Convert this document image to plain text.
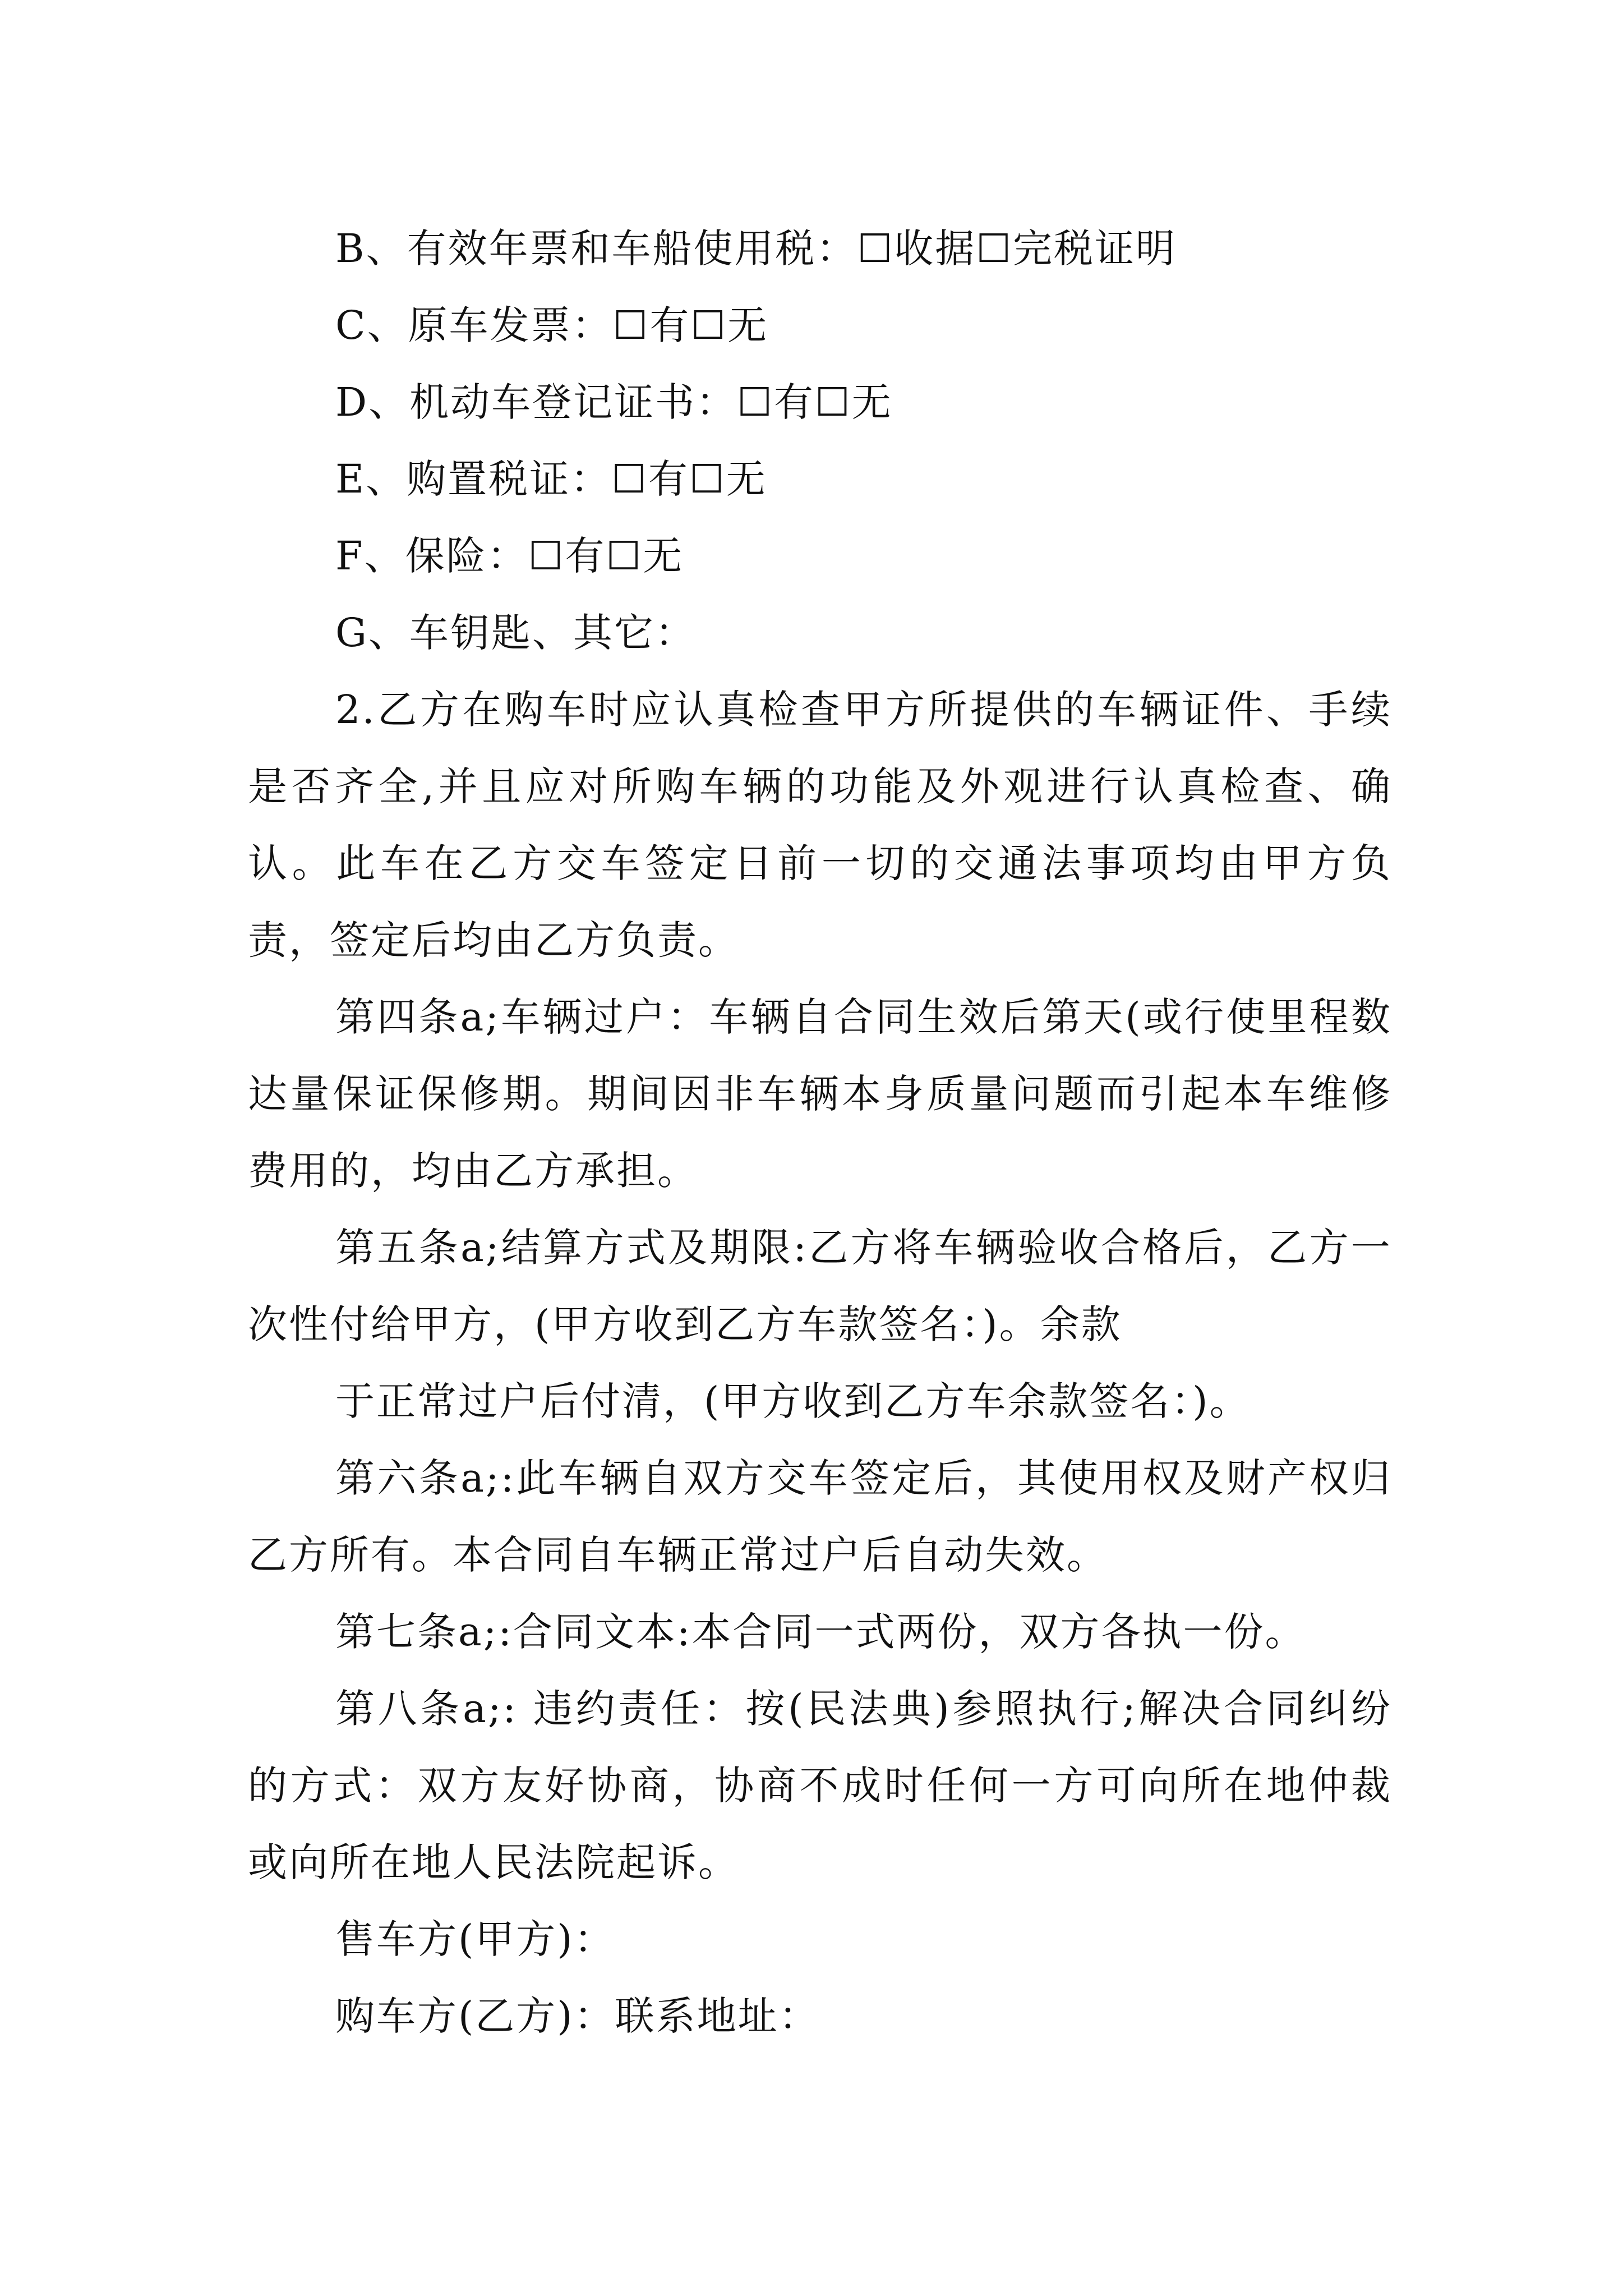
B、有效年票和车船使用税：☐收据☐完税证明

C、原车发票：☐有☐无

D、机动车登记证书：☐有☐无

E、购置税证：☐有☐无

F、保险：☐有☐无

G、车钥匙、其它：

2.乙方在购车时应认真检查甲方所提供的车辆证件、手续是否齐全,并且应对所购车辆的功能及外观进行认真检查、确认。此车在乙方交车签定日前一切的交通法事项均由甲方负责，签定后均由乙方负责。

第四条a;车辆过户：车辆自合同生效后第天(或行使里程数达量保证保修期。期间因非车辆本身质量问题而引起本车维修费用的，均由乙方承担。

第五条a;结算方式及期限:乙方将车辆验收合格后，乙方一次性付给甲方，(甲方收到乙方车款签名：)。余款

于正常过户后付清，(甲方收到乙方车余款签名：)。

第六条a;:此车辆自双方交车签定后，其使用权及财产权归乙方所有。本合同自车辆正常过户后自动失效。

第七条a;:合同文本:本合同一式两份，双方各执一份。

第八条a;: 违约责任：按(民法典)参照执行;解决合同纠纷的方式：双方友好协商，协商不成时任何一方可向所在地仲裁或向所在地人民法院起诉。

售车方(甲方)：

购车方(乙方)：联系地址：
